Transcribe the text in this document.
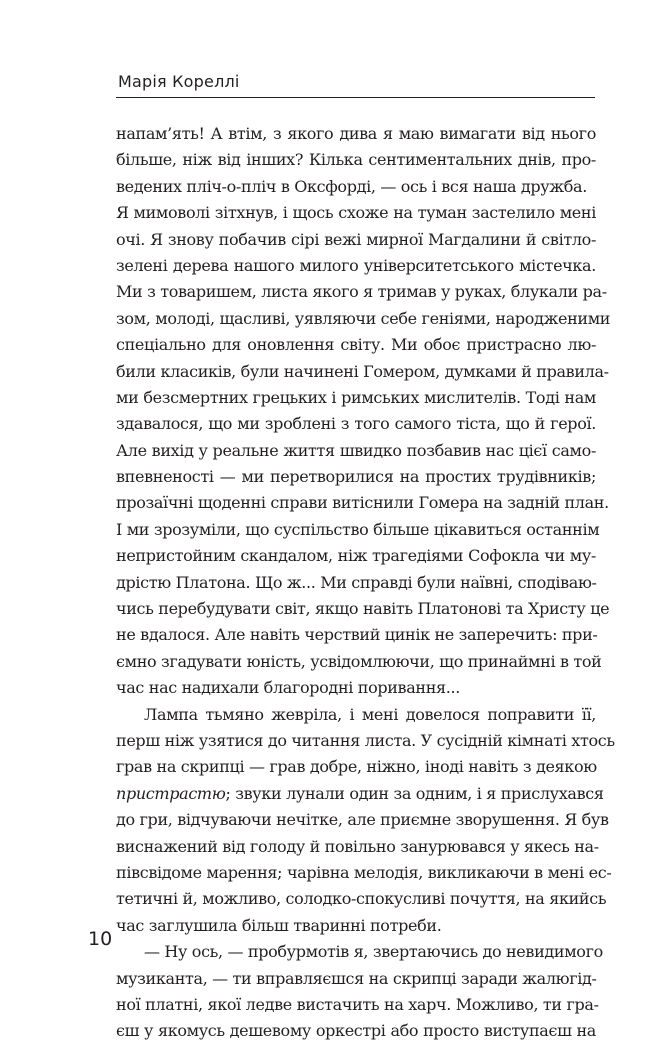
Марія Кореллі
напам’ять! А втім, з якого дива я маю вимагати від нього
більше, ніж від інших? Кілька сентиментальних днів, про-
ведених пліч-о-пліч в Оксфорді, — ось і вся наша дружба.
Я мимоволі зітхнув, і щось схоже на туман застелило мені
очі. Я знову побачив сірі вежі мирної Магдалини й світло-
зелені дерева нашого милого університетського містечка.
Ми з товаришем, листа якого я тримав у руках, блукали ра-
зом, молоді, щасливі, уявляючи себе геніями, народженими
спеціально для оновлення світу. Ми обоє пристрасно лю-
били класиків, були начинені Гомером, думками й правила-
ми безсмертних грецьких і римських мислителів. Тоді нам
здавалося, що ми зроблені з того самого тіста, що й герої.
Але вихід у реальне життя швидко позбавив нас цієї само-
впевненості — ми перетворилися на простих трудівників;
прозаїчні щоденні справи витіснили Гомера на задній план.
І ми зрозуміли, що суспільство більше цікавиться останнім
непристойним скандалом, ніж трагедіями Софокла чи му-
дрістю Платона. Що ж... Ми справді були наївні, сподіваю-
чись перебудувати світ, якщо навіть Платонові та Христу це
не вдалося. Але навіть черствий цинік не заперечить: при-
ємно згадувати юність, усвідомлюючи, що принаймні в той
час нас надихали благородні поривання...
Лампа тьмяно жевріла, і мені довелося поправити її,
перш ніж узятися до читання листа. У сусідній кімнаті хтось
грав на скрипці — грав добре, ніжно, іноді навіть з деякою
пристрастю; звуки лунали один за одним, і я прислухався
до гри, відчуваючи нечітке, але приємне зворушення. Я був
виснажений від голоду й повільно занурювався у якесь на-
півсвідоме марення; чарівна мелодія, викликаючи в мені ес-
тетичні й, можливо, солодко-спокусливі почуття, на якийсь
час заглушила більш тваринні потреби.
— Ну ось, — пробурмотів я, звертаючись до невидимого
музиканта, — ти вправляєшся на скрипці заради жалюгід-
ної платні, якої ледве вистачить на харч. Можливо, ти гра-
єш у якомусь дешевому оркестрі або просто виступаєш на
10
